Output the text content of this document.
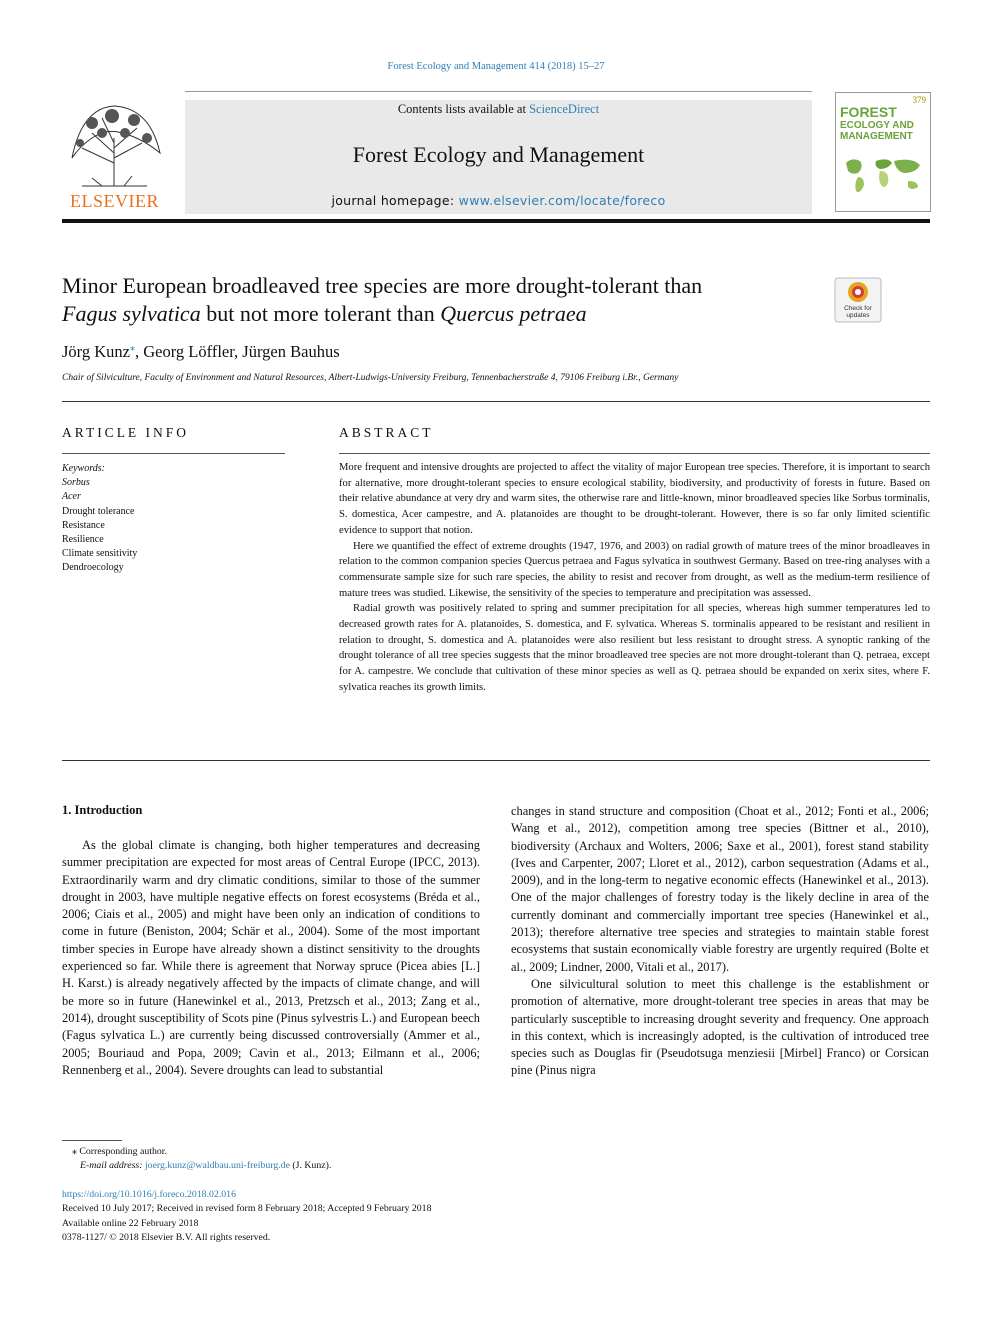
Forest Ecology and Management 414 (2018) 15–27
ELSEVIER
Contents lists available at ScienceDirect
Forest Ecology and Management
journal homepage: www.elsevier.com/locate/foreco
379
FOREST
ECOLOGY AND
MANAGEMENT
Minor European broadleaved tree species are more drought-tolerant than
Fagus sylvatica but not more tolerant than Quercus petraea	Check for
updates
Jörg Kunz⁎, Georg Löffler, Jürgen Bauhus
Chair of Silviculture, Faculty of Environment and Natural Resources, Albert-Ludwigs-University Freiburg, Tennenbacherstraße 4, 79106 Freiburg i.Br., Germany
ARTICLE INFO
Keywords:
Sorbus
Acer
Drought tolerance
Resistance
Resilience
Climate sensitivity
Dendroecology
ABSTRACT

More frequent and intensive droughts are projected to affect the vitality of major European tree species. Therefore, it is important to search for alternative, more drought-tolerant species to ensure ecological stability, biodiversity, and productivity of forests in future. Based on their relative abundance at very dry and warm sites, the otherwise rare and little-known, minor broadleaved species like Sorbus torminalis, S. domestica, Acer campestre, and A. platanoides are thought to be drought-tolerant. However, there is so far only limited scientific evidence to support that notion.

Here we quantified the effect of extreme droughts (1947, 1976, and 2003) on radial growth of mature trees of the minor broadleaves in relation to the common companion species Quercus petraea and Fagus sylvatica in southwest Germany. Based on tree-ring analyses with a commensurate sample size for such rare species, the ability to resist and recover from drought, as well as the medium-term resilience of mature trees was studied. Likewise, the sensitivity of the species to temperature and precipitation was assessed.

Radial growth was positively related to spring and summer precipitation for all species, whereas high summer temperatures led to decreased growth rates for A. platanoides, S. domestica, and F. sylvatica. Whereas S. torminalis appeared to be resistant and resilient in relation to drought, S. domestica and A. platanoides were also resilient but less resistant to drought stress. A synoptic ranking of the drought tolerance of all tree species suggests that the minor broadleaved tree species are not more drought-tolerant than Q. petraea, except for A. campestre. We conclude that cultivation of these minor species as well as Q. petraea should be expanded on xerix sites, where F. sylvatica reaches its growth limits.

1. Introduction

As the global climate is changing, both higher temperatures and decreasing summer precipitation are expected for most areas of Central Europe (IPCC, 2013). Extraordinarily warm and dry climatic conditions, similar to those of the summer drought in 2003, have multiple negative effects on forest ecosystems (Bréda et al., 2006; Ciais et al., 2005) and might have been only an indication of conditions to come in future (Beniston, 2004; Schär et al., 2004). Some of the most important timber species in Europe have already shown a distinct sensitivity to the droughts experienced so far. While there is agreement that Norway spruce (Picea abies [L.] H. Karst.) is already negatively affected by the impacts of climate change, and will be more so in future (Hanewinkel et al., 2013, Pretzsch et al., 2013; Zang et al., 2014), drought susceptibility of Scots pine (Pinus sylvestris L.) and European beech (Fagus sylvatica L.) are currently being discussed controversially (Ammer et al., 2005; Bouriaud and Popa, 2009; Cavin et al., 2013; Eilmann et al., 2006; Rennenberg et al., 2004). Severe droughts can lead to substantial

changes in stand structure and composition (Choat et al., 2012; Fonti et al., 2006; Wang et al., 2012), competition among tree species (Bittner et al., 2010), biodiversity (Archaux and Wolters, 2006; Saxe et al., 2001), forest stand stability (Ives and Carpenter, 2007; Lloret et al., 2012), carbon sequestration (Adams et al., 2009), and in the long-term to negative economic effects (Hanewinkel et al., 2013). One of the major challenges of forestry today is the likely decline in area of the currently dominant and commercially important tree species (Hanewinkel et al., 2013); therefore alternative tree species and strategies to maintain stable forest ecosystems that sustain economically viable forestry are urgently required (Bolte et al., 2009; Lindner, 2000, Vitali et al., 2017).

One silvicultural solution to meet this challenge is the establishment or promotion of alternative, more drought-tolerant tree species in areas that may be particularly susceptible to increasing drought severity and frequency. One approach in this context, which is increasingly adopted, is the cultivation of introduced tree species such as Douglas fir (Pseudotsuga menziesii [Mirbel] Franco) or Corsican pine (Pinus nigra

⁎ Corresponding author.
E-mail address: joerg.kunz@waldbau.uni-freiburg.de (J. Kunz).
https://doi.org/10.1016/j.foreco.2018.02.016
Received 10 July 2017; Received in revised form 8 February 2018; Accepted 9 February 2018
Available online 22 February 2018
0378-1127/ © 2018 Elsevier B.V. All rights reserved.
